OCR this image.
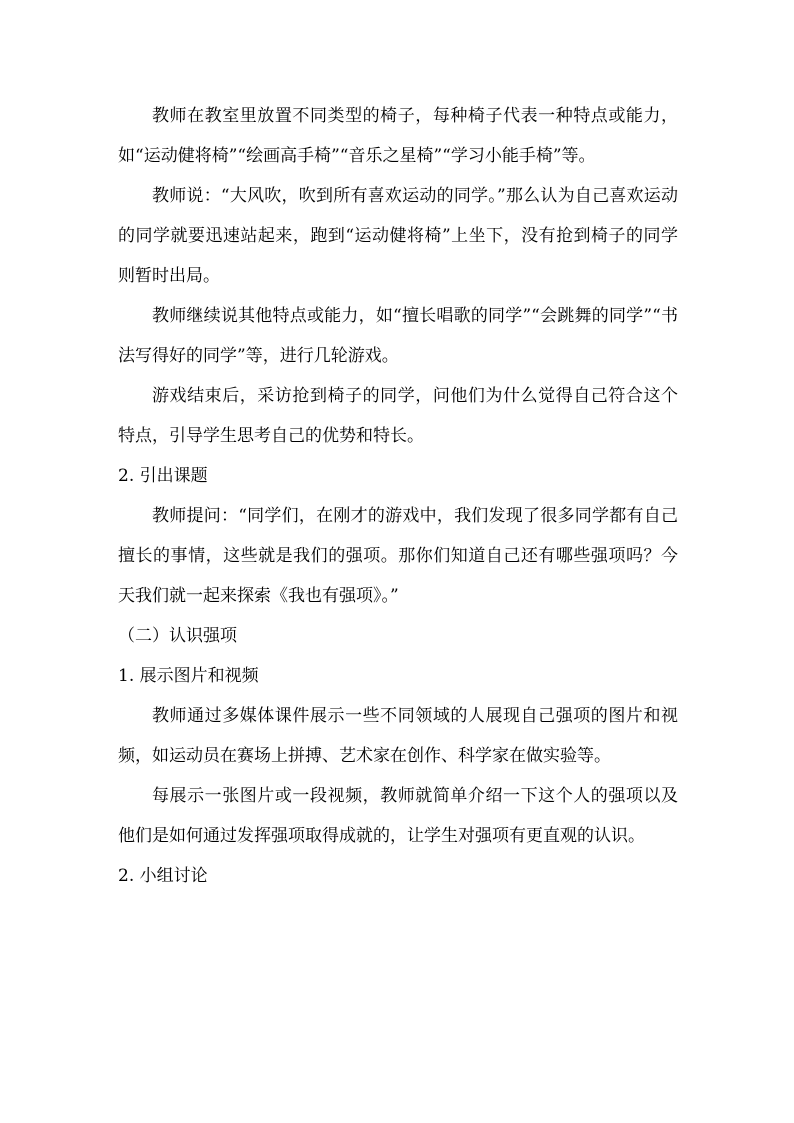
教师在教室里放置不同类型的椅子，每种椅子代表一种特点或能力，如“运动健将椅”“绘画高手椅”“音乐之星椅”“学习小能手椅”等。

教师说：“大风吹，吹到所有喜欢运动的同学。”那么认为自己喜欢运动的同学就要迅速站起来，跑到“运动健将椅”上坐下，没有抢到椅子的同学则暂时出局。

教师继续说其他特点或能力，如“擅长唱歌的同学”“会跳舞的同学”“书法写得好的同学”等，进行几轮游戏。

游戏结束后，采访抢到椅子的同学，问他们为什么觉得自己符合这个特点，引导学生思考自己的优势和特长。

2. 引出课题

教师提问：“同学们，在刚才的游戏中，我们发现了很多同学都有自己擅长的事情，这些就是我们的强项。那你们知道自己还有哪些强项吗？今天我们就一起来探索《我也有强项》。”

（二）认识强项

1. 展示图片和视频

教师通过多媒体课件展示一些不同领域的人展现自己强项的图片和视频，如运动员在赛场上拼搏、艺术家在创作、科学家在做实验等。

每展示一张图片或一段视频，教师就简单介绍一下这个人的强项以及他们是如何通过发挥强项取得成就的，让学生对强项有更直观的认识。

2. 小组讨论
